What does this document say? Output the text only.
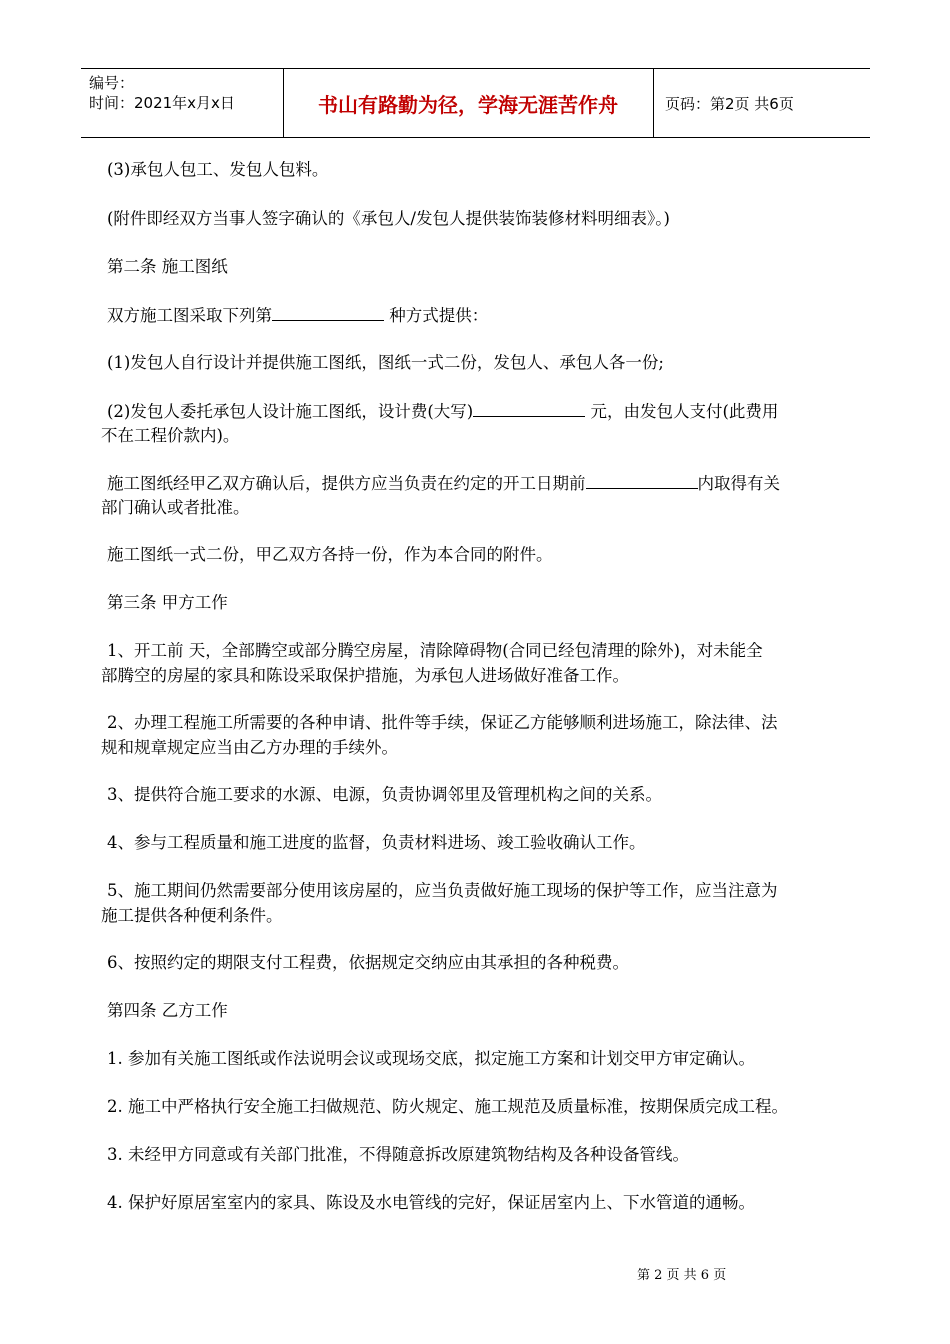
编号：
时间：2021年x月x日	书山有路勤为径，学海无涯苦作舟	页码：第2页 共6页

(3)承包人包工、发包人包料。

(附件即经双方当事人签字确认的《承包人/发包人提供装饰装修材料明细表》。)

第二条 施工图纸

双方施工图采取下列第	种方式提供：

(1)发包人自行设计并提供施工图纸，图纸一式二份，发包人、承包人各一份;

(2)发包人委托承包人设计施工图纸，设计费(大写)	元，由发包人支付(此费用

不在工程价款内)。

施工图纸经甲乙双方确认后，提供方应当负责在约定的开工日期前	内取得有关

部门确认或者批准。

施工图纸一式二份，甲乙双方各持一份，作为本合同的附件。

第三条 甲方工作

1、开工前 天，全部腾空或部分腾空房屋，清除障碍物(合同已经包清理的除外)，对未能全

部腾空的房屋的家具和陈设采取保护措施，为承包人进场做好准备工作。

2、办理工程施工所需要的各种申请、批件等手续，保证乙方能够顺利进场施工，除法律、法

规和规章规定应当由乙方办理的手续外。

3、提供符合施工要求的水源、电源，负责协调邻里及管理机构之间的关系。

4、参与工程质量和施工进度的监督，负责材料进场、竣工验收确认工作。

5、施工期间仍然需要部分使用该房屋的，应当负责做好施工现场的保护等工作，应当注意为

施工提供各种便利条件。

6、按照约定的期限支付工程费，依据规定交纳应由其承担的各种税费。

第四条 乙方工作

1. 参加有关施工图纸或作法说明会议或现场交底，拟定施工方案和计划交甲方审定确认。

2. 施工中严格执行安全施工扫做规范、防火规定、施工规范及质量标准，按期保质完成工程。

3. 未经甲方同意或有关部门批准，不得随意拆改原建筑物结构及各种设备管线。

4. 保护好原居室室内的家具、陈设及水电管线的完好，保证居室内上、下水管道的通畅。

第 2 页 共 6 页
